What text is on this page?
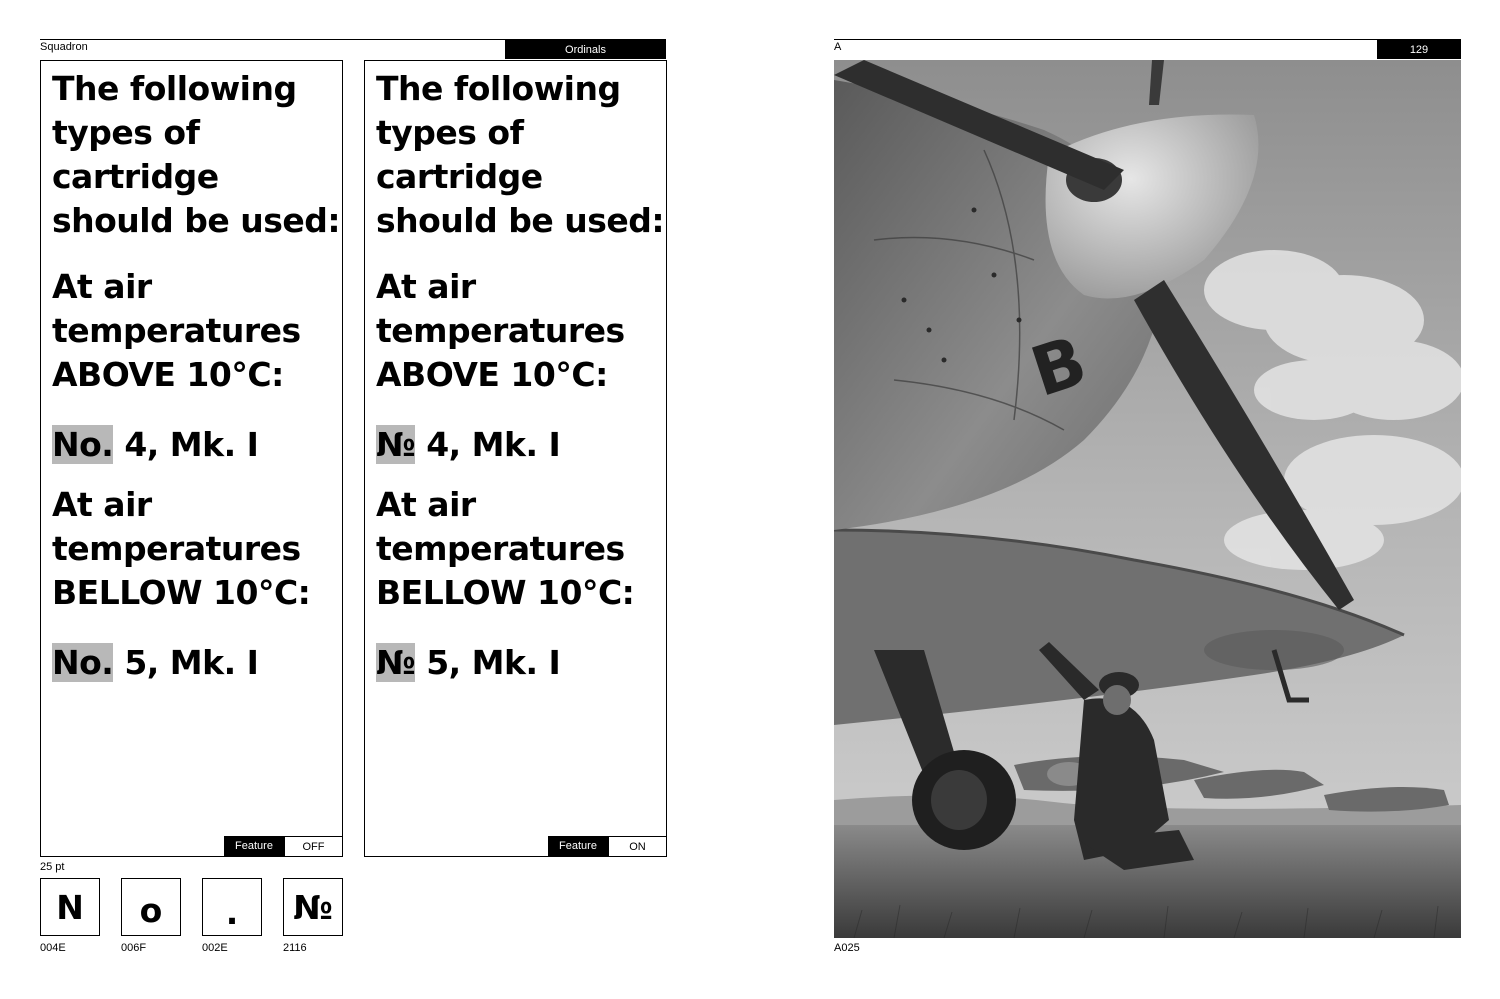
Squadron	Ordinals

The following
types of
cartridge
should be used:

At air
temperatures
ABOVE 10°C:

No. 4, Mk. I

At air
temperatures
BELLOW 10°C:

No. 5, Mk. I

Feature	OFF

The following
types of
cartridge
should be used:

At air
temperatures
ABOVE 10°C:

№ 4, Mk. I

At air
temperatures
BELLOW 10°C:

№ 5, Mk. I

Feature	ON
25 pt
N
004E
o
006F
.
002E
№
2116
A	129
B
A025
